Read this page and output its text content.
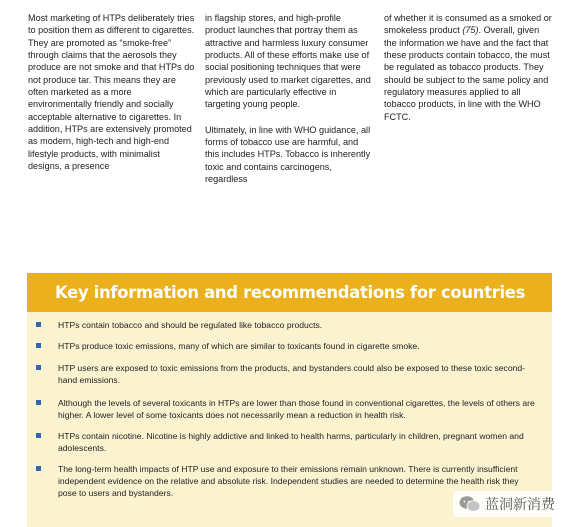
Most marketing of HTPs deliberately tries to position them as different to cigarettes. They are promoted as “smoke-free” through claims that the aerosols they produce are not smoke and that HTPs do not produce tar. This means they are often marketed as a more environmentally friendly and socially acceptable alternative to cigarettes. In addition, HTPs are extensively promoted as modern, high-tech and high-end lifestyle products, with minimalist designs, a presence

in flagship stores, and high-profile product launches that portray them as attractive and harmless luxury consumer products. All of these efforts make use of social positioning techniques that were previously used to market cigarettes, and which are particularly effective in targeting young people.

Ultimately, in line with WHO guidance, all forms of tobacco use are harmful, and this includes HTPs. Tobacco is inherently toxic and contains carcinogens, regardless

of whether it is consumed as a smoked or smokeless product (75). Overall, given the information we have and the fact that these products contain tobacco, the must be regulated as tobacco products. They should be subject to the same policy and regulatory measures applied to all tobacco products, in line with the WHO FCTC.

Key information and recommendations for countries
HTPs contain tobacco and should be regulated like tobacco products.
HTPs produce toxic emissions, many of which are similar to toxicants found in cigarette smoke.
HTP users are exposed to toxic emissions from the products, and bystanders could also be exposed to these toxic second-hand emissions.
Although the levels of several toxicants in HTPs are lower than those found in conventional cigarettes, the levels of others are higher. A lower level of some toxicants does not necessarily mean a reduction in health risk.
HTPs contain nicotine. Nicotine is highly addictive and linked to health harms, particularly in children, pregnant women and adolescents.
The long-term health impacts of HTP use and exposure to their emissions remain unknown. There is currently insufficient independent evidence on the relative and absolute risk. Independent studies are needed to determine the health risk they pose to users and bystanders.
蓝洞新消费
